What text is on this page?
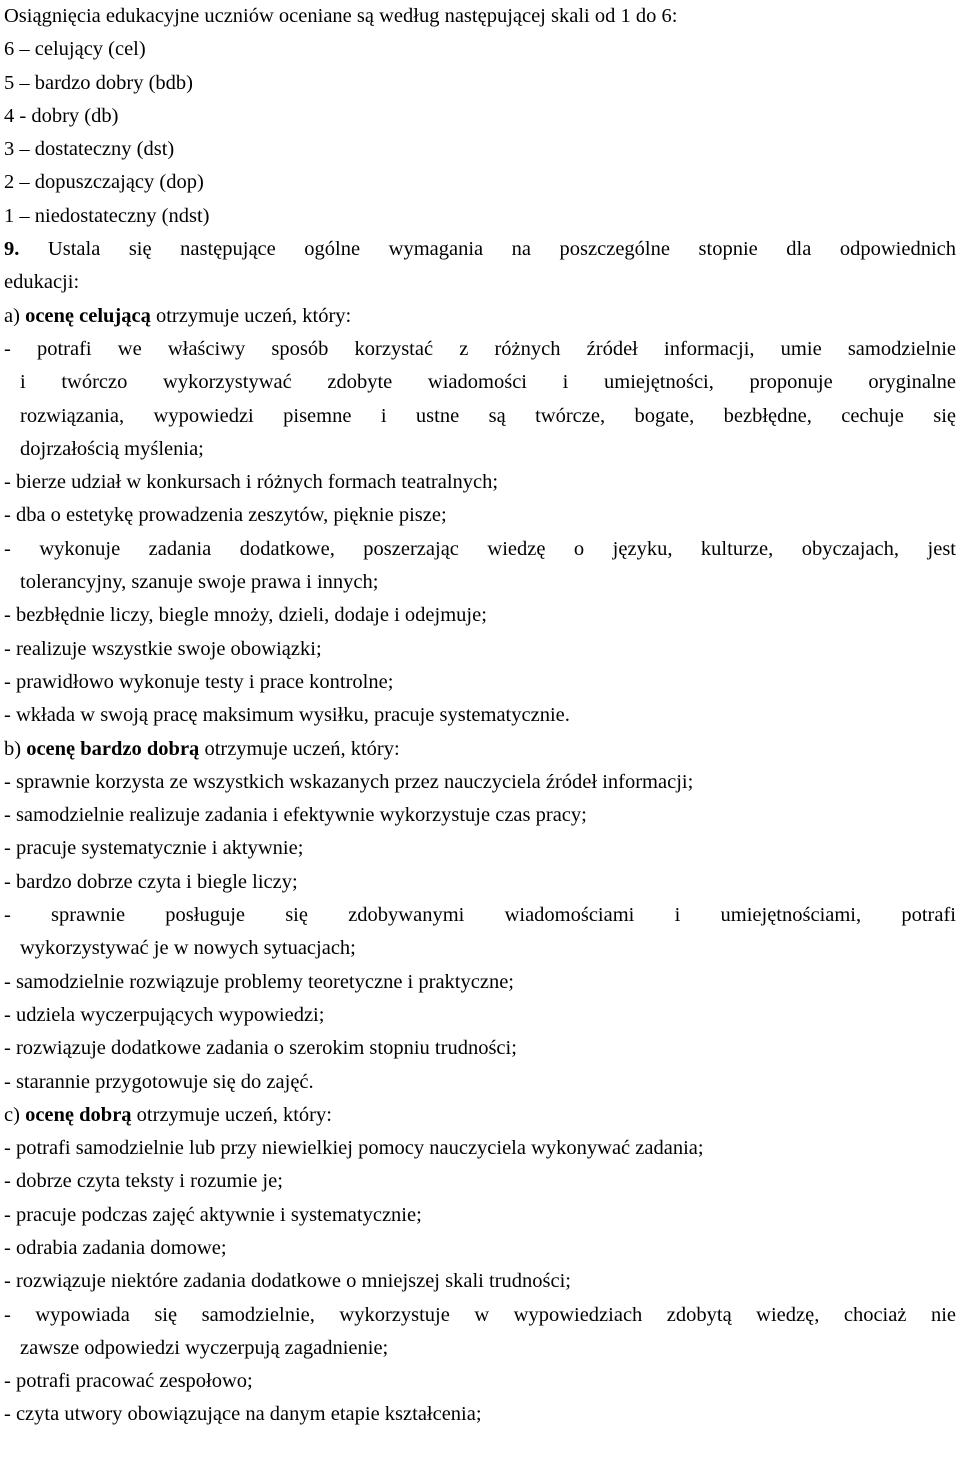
Osiągnięcia edukacyjne uczniów oceniane są według następującej skali od 1 do 6:
6 – celujący (cel)
5 – bardzo dobry (bdb)
4 - dobry (db)
3 – dostateczny (dst)
2 – dopuszczający (dop)
1 – niedostateczny (ndst)
9. Ustala się następujące ogólne wymagania na poszczególne stopnie dla odpowiednich
edukacji:
a) ocenę celującą otrzymuje uczeń, który:
- potrafi we właściwy sposób korzystać z różnych źródeł informacji, umie samodzielnie
i twórczo wykorzystywać zdobyte wiadomości i umiejętności, proponuje oryginalne
rozwiązania, wypowiedzi pisemne i ustne są twórcze, bogate, bezbłędne, cechuje się
dojrzałością myślenia;
- bierze udział w konkursach i różnych formach teatralnych;
- dba o estetykę prowadzenia zeszytów, pięknie pisze;
- wykonuje zadania dodatkowe, poszerzając wiedzę o języku, kulturze, obyczajach, jest
tolerancyjny, szanuje swoje prawa i innych;
- bezbłędnie liczy, biegle mnoży, dzieli, dodaje i odejmuje;
- realizuje wszystkie swoje obowiązki;
- prawidłowo wykonuje testy i prace kontrolne;
- wkłada w swoją pracę maksimum wysiłku, pracuje systematycznie.
b) ocenę bardzo dobrą otrzymuje uczeń, który:
- sprawnie korzysta ze wszystkich wskazanych przez nauczyciela źródeł informacji;
- samodzielnie realizuje zadania i efektywnie wykorzystuje czas pracy;
- pracuje systematycznie i aktywnie;
- bardzo dobrze czyta i biegle liczy;
- sprawnie posługuje się zdobywanymi wiadomościami i umiejętnościami, potrafi
wykorzystywać je w nowych sytuacjach;
- samodzielnie rozwiązuje problemy teoretyczne i praktyczne;
- udziela wyczerpujących wypowiedzi;
- rozwiązuje dodatkowe zadania o szerokim stopniu trudności;
- starannie przygotowuje się do zajęć.
c) ocenę dobrą otrzymuje uczeń, który:
- potrafi samodzielnie lub przy niewielkiej pomocy nauczyciela wykonywać zadania;
- dobrze czyta teksty i rozumie je;
- pracuje podczas zajęć aktywnie i systematycznie;
- odrabia zadania domowe;
- rozwiązuje niektóre zadania dodatkowe o mniejszej skali trudności;
- wypowiada się samodzielnie, wykorzystuje w wypowiedziach zdobytą wiedzę, chociaż nie
zawsze odpowiedzi wyczerpują zagadnienie;
- potrafi pracować zespołowo;
- czyta utwory obowiązujące na danym etapie kształcenia;
